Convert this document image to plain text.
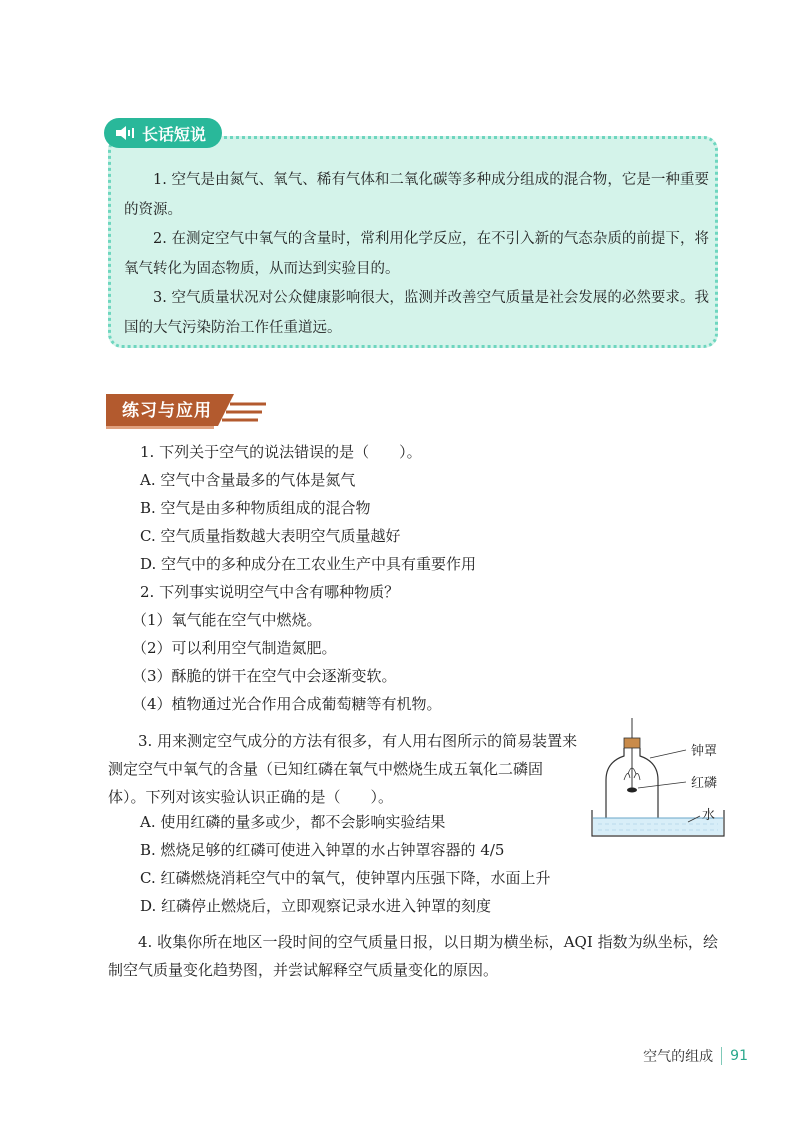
长话短说

1. 空气是由氮气、氧气、稀有气体和二氧化碳等多种成分组成的混合物，它是一种重要的资源。

2. 在测定空气中氧气的含量时，常利用化学反应，在不引入新的气态杂质的前提下，将氧气转化为固态物质，从而达到实验目的。

3. 空气质量状况对公众健康影响很大，监测并改善空气质量是社会发展的必然要求。我国的大气污染防治工作任重道远。

练习与应用
1. 下列关于空气的说法错误的是（　　）。
A. 空气中含量最多的气体是氮气
B. 空气是由多种物质组成的混合物
C. 空气质量指数越大表明空气质量越好
D. 空气中的多种成分在工农业生产中具有重要作用
2. 下列事实说明空气中含有哪种物质？
（1）氧气能在空气中燃烧。
（2）可以利用空气制造氮肥。
（3）酥脆的饼干在空气中会逐渐变软。
（4）植物通过光合作用合成葡萄糖等有机物。

3. 用来测定空气成分的方法有很多，有人用右图所示的简易装置来测定空气中氧气的含量（已知红磷在氧气中燃烧生成五氧化二磷固体）。下列对该实验认识正确的是（　　）。

A. 使用红磷的量多或少，都不会影响实验结果
B. 燃烧足够的红磷可使进入钟罩的水占钟罩容器的 4/5
C. 红磷燃烧消耗空气中的氧气，使钟罩内压强下降，水面上升
D. 红磷停止燃烧后，立即观察记录水进入钟罩的刻度
钟罩
红磷
水

4. 收集你所在地区一段时间的空气质量日报，以日期为横坐标，AQI 指数为纵坐标，绘制空气质量变化趋势图，并尝试解释空气质量变化的原因。

空气的组成 91
